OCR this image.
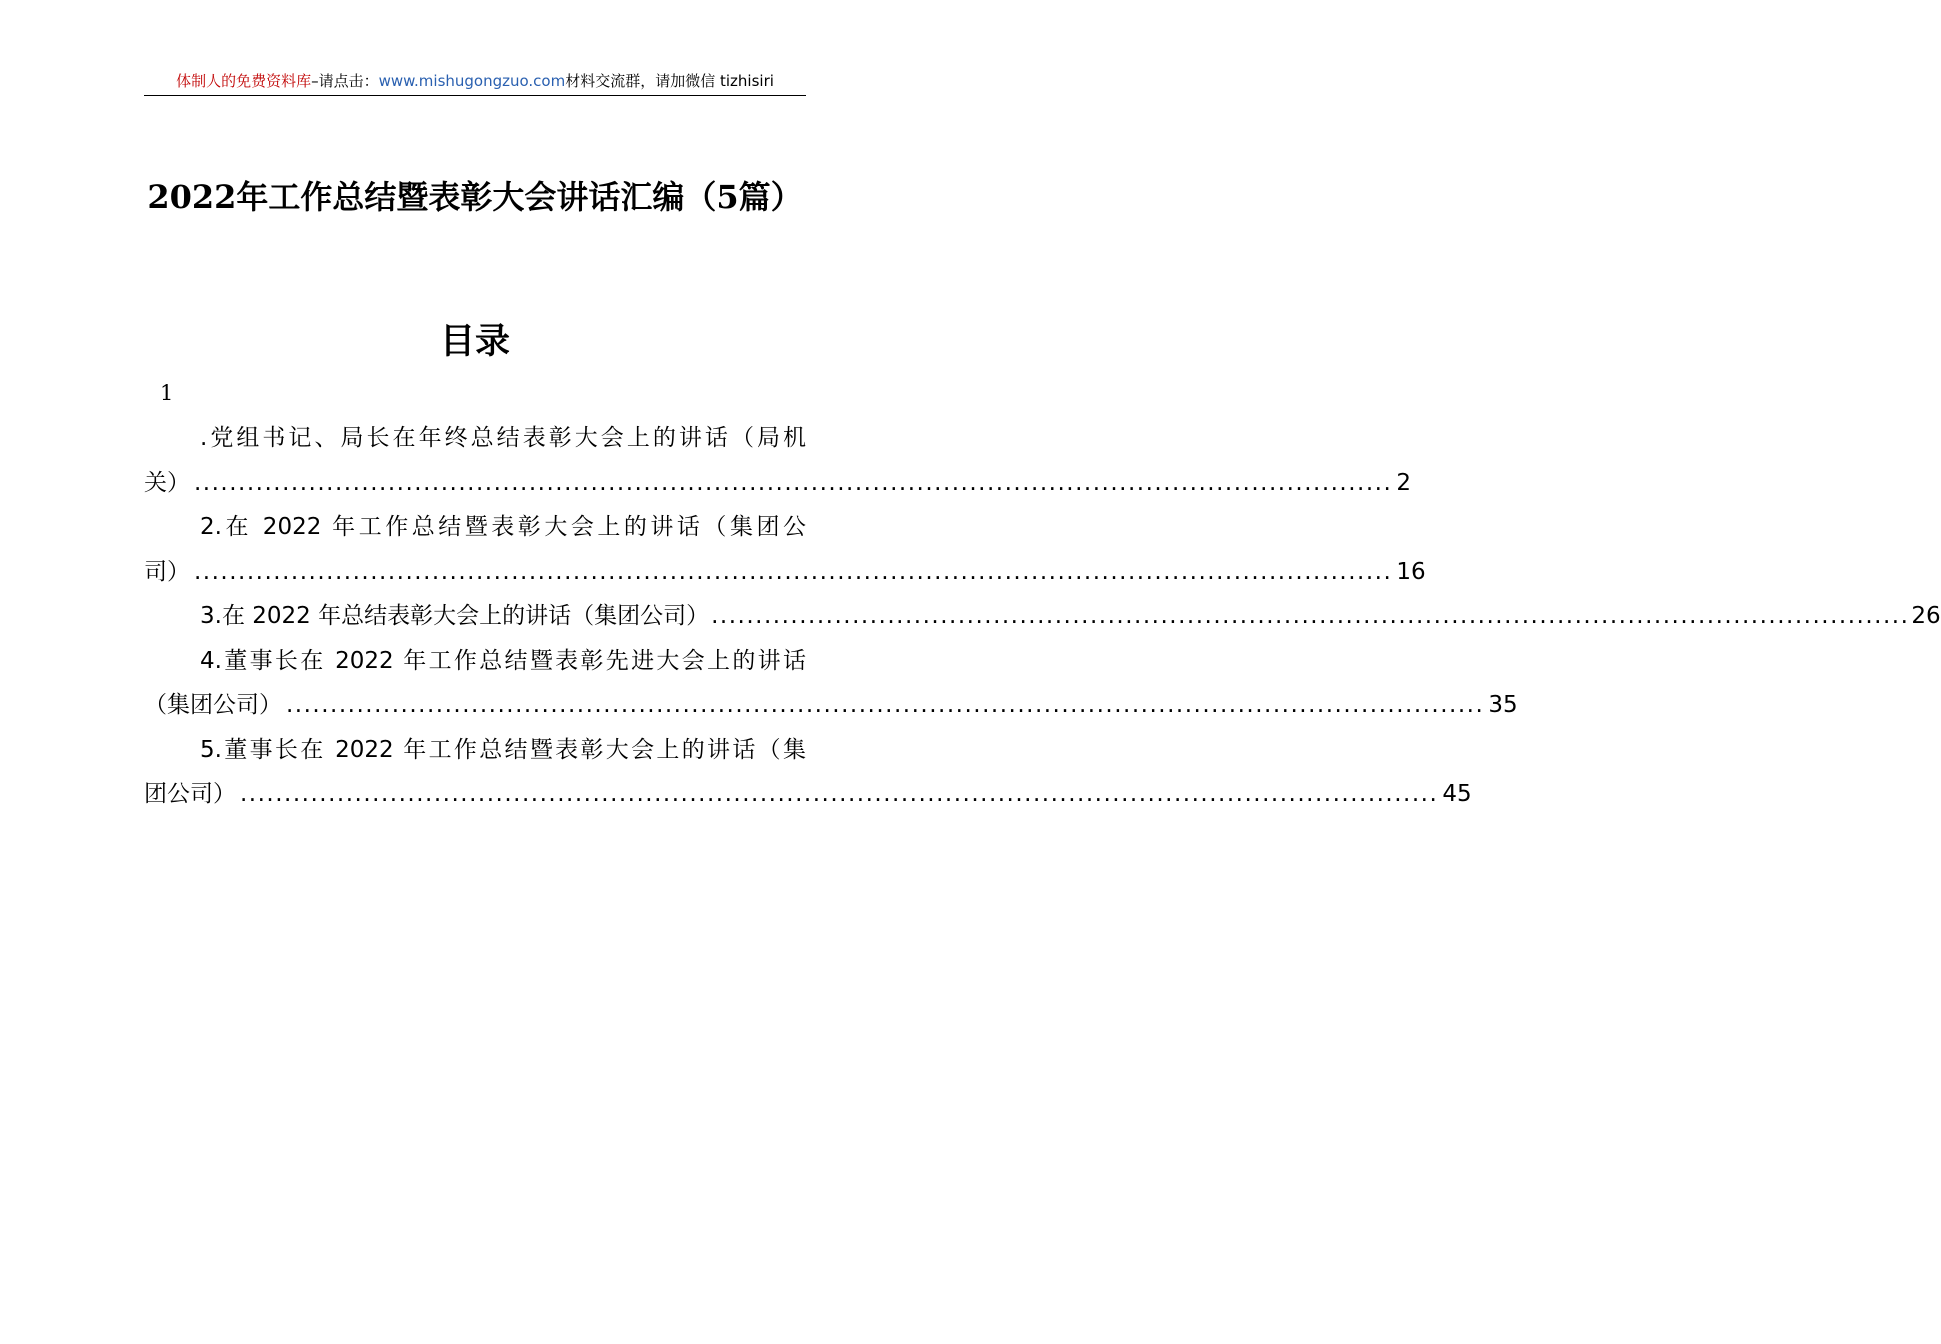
体制人的免费资料库–请点击：www.mishugongzuo.com材料交流群，请加微信 tizhisiri
2022年工作总结暨表彰大会讲话汇编（5篇）
目录
1
.党组书记、局长在年终总结表彰大会上的讲话（局机
关） ........................................................................................................................................ 2
2.在 2022 年工作总结暨表彰大会上的讲话（集团公
司） ........................................................................................................................................ 16
3.在 2022 年总结表彰大会上的讲话（集团公司） ........................................................................................................................................ 26
4.董事长在 2022 年工作总结暨表彰先进大会上的讲话
（集团公司） ........................................................................................................................................ 35
5.董事长在 2022 年工作总结暨表彰大会上的讲话（集
团公司） ........................................................................................................................................ 45
